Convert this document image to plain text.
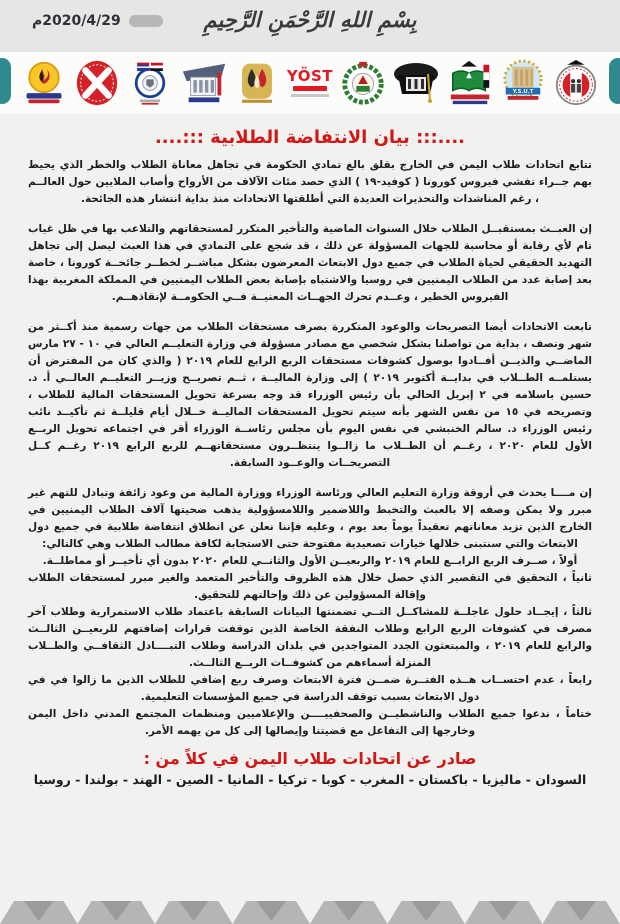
2020/4/29م	بِسْمِ اللهِ الرَّحْمَنِ الرَّحِيمِ
YÖST
Y.S.U.T
....::: بيان الانتفاضة الطلابية :::....

تتابع اتحادات طلاب اليمن في الخارج بقلق بالغ تمادي الحكومة في تجاهل معاناة الطلاب والخطر الذي يحيط بهم جــراء تفشي فيروس كورونا ( كوفيد-١٩ ) الذي حصد مئات الآلاف من الأرواح وأصاب الملايين حول العالــم ، رغم المناشدات والتحذيرات العديدة التي أطلقتها الاتحادات منذ بداية انتشار هذه الجائحة.

إن العبــث بمستقبــل الطلاب خلال السنوات الماضية والتأخير المتكرر لمستحقاتهم والتلاعب بها في ظل غياب تام لأي رقابة أو محاسبة للجهات المسؤولة عن ذلك ، قد شجع على التمادي في هذا العبث ليصل إلى تجاهل التهديد الحقيقي لحياة الطلاب في جميع دول الابتعاث المعرضون بشكل مباشــر لخطــر جائحــة كورونا ، خاصة بعد إصابة عدد من الطلاب اليمنيين في روسيا والاشتباه بإصابة بعض الطلاب اليمنيين في المملكة المغربية بهذا الفيروس الخطير ، وعــدم تحرك الجهــات المعنيــة فــي الحكومــة لإنقاذهــم.

تابعت الاتحادات أيضا التصريحات والوعود المتكررة بصرف مستحقات الطلاب من جهات رسمية منذ أكــثر من شهر ونصف ، بداية من تواصلنا بشكل شخصي مع مصادر مسؤولة في وزارة التعليــم العالي في ١٠ - ٢٧ مارس الماضــي والذيــن أفــادوا بوصول كشوفات مستحقات الربع الرابع للعام ٢٠١٩ ( والذي كان من المفترض أن يستلمــه الطــلاب في بدايــة أكتوبر ٢٠١٩ ) إلى وزارة الماليــة ، ثــم تصريــح وزيــر التعليــم العالــي أ. د. حسين باسلامه في ٢ إبريل الحالي بأن رئيس الوزراء قد وجه بسرعة تحويل المستحقات المالية للطلاب ، وتصريحه في ١٥ من نفس الشهر بأنه سيتم تحويل المستحقات الماليــة خــلال أيام قليلــة ثم تأكيــد نائب رئيس الوزراء د. سالم الخنبشي في نفس اليوم بأن مجلس رئاســة الوزراء أقر في اجتماعه تحويل الربــع الأول للعام ٢٠٢٠ ، رغــم أن الطــلاب ما زالــوا ينتظــرون مستحقاتهــم للربع الرابع ٢٠١٩ رغــم كــل التصريحــات والوعــود السابقة.

إن مــــا يحدث في أروقة وزارة التعليم العالي ورئاسة الوزراء ووزارة المالية من وعود زائفة وتبادل للتهم غير مبرر ولا يمكن وصفه إلا بالعبث والتخبط واللاضمير واللامسؤولية يذهب ضحيتها آلاف الطلاب اليمنيين في الخارج الذين تزيد معاناتهم تعقيداً يوماً بعد يوم ، وعليه فإننا نعلن عن انطلاق انتفاضة طلابية في جميع دول الابتعاث والتي سنتبنى خلالها خيارات تصعيدية مفتوحة حتى الاستجابة لكافة مطالب الطلاب وهي كالتالي:

أولاً ، صــرف الربع الرابــع للعام ٢٠١٩ والربعيــن الأول والثانــي للعام ٢٠٢٠ بدون أي تأخيــر أو مماطلــة.

ثانياً ، التحقيق في التقصير الذي حصل خلال هذه الظروف والتأخير المتعمد والغير مبرر لمستحقات الطلاب وإقالة المسؤولين عن ذلك وإحالتهم للتحقيق.

ثالثاً ، إيجــاد حلول عاجلــة للمشاكــل التــي تضمنتها البيانات السابقة باعتماد طلاب الاستمرارية وطلاب آخر مصرف في كشوفات الربع الرابع وطلاب النفقة الخاصة الذين توقفت قرارات إضافتهم للربعيــن الثالــث والرابع للعام ٢٠١٩ ، والمبتعثون الجدد المتواجدين في بلدان الدراسة وطلاب التبــــادل الثقافــي والطــلاب المنزلة أسماءهم من كشوفــات الربــع الثالــث.

رابعاً ، عدم احتســاب هــذه الفتــرة ضمــن فترة الابتعاث وصرف ربع إضافي للطلاب الذين ما زالوا في في دول الابتعاث بسبب توقف الدراسة في جميع المؤسسات التعليمية.

ختاماً ، ندعوا جميع الطلاب والناشطيــن والصحفييــــن والإعلاميين ومنظمات المجتمع المدني داخل اليمن وخارجها إلى التفاعل مع قضيتنا وإيصالها إلى كل من يهمه الأمر.

صادر عن اتحادات طلاب اليمن في كلاً من :

السودان - ماليزيا - باكستان - المغرب - كوبا - تركيا - المانيا - الصين - الهند - بولندا - روسيا
